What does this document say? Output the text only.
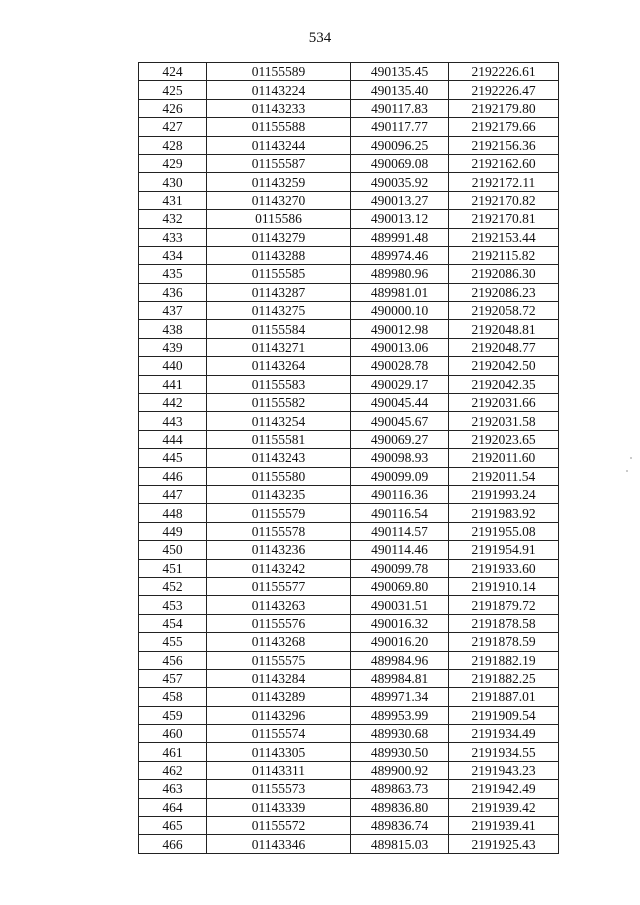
534
424	01155589	490135.45	2192226.61
425	01143224	490135.40	2192226.47
426	01143233	490117.83	2192179.80
427	01155588	490117.77	2192179.66
428	01143244	490096.25	2192156.36
429	01155587	490069.08	2192162.60
430	01143259	490035.92	2192172.11
431	01143270	490013.27	2192170.82
432	0115586	490013.12	2192170.81
433	01143279	489991.48	2192153.44
434	01143288	489974.46	2192115.82
435	01155585	489980.96	2192086.30
436	01143287	489981.01	2192086.23
437	01143275	490000.10	2192058.72
438	01155584	490012.98	2192048.81
439	01143271	490013.06	2192048.77
440	01143264	490028.78	2192042.50
441	01155583	490029.17	2192042.35
442	01155582	490045.44	2192031.66
443	01143254	490045.67	2192031.58
444	01155581	490069.27	2192023.65
445	01143243	490098.93	2192011.60
446	01155580	490099.09	2192011.54
447	01143235	490116.36	2191993.24
448	01155579	490116.54	2191983.92
449	01155578	490114.57	2191955.08
450	01143236	490114.46	2191954.91
451	01143242	490099.78	2191933.60
452	01155577	490069.80	2191910.14
453	01143263	490031.51	2191879.72
454	01155576	490016.32	2191878.58
455	01143268	490016.20	2191878.59
456	01155575	489984.96	2191882.19
457	01143284	489984.81	2191882.25
458	01143289	489971.34	2191887.01
459	01143296	489953.99	2191909.54
460	01155574	489930.68	2191934.49
461	01143305	489930.50	2191934.55
462	01143311	489900.92	2191943.23
463	01155573	489863.73	2191942.49
464	01143339	489836.80	2191939.42
465	01155572	489836.74	2191939.41
466	01143346	489815.03	2191925.43
